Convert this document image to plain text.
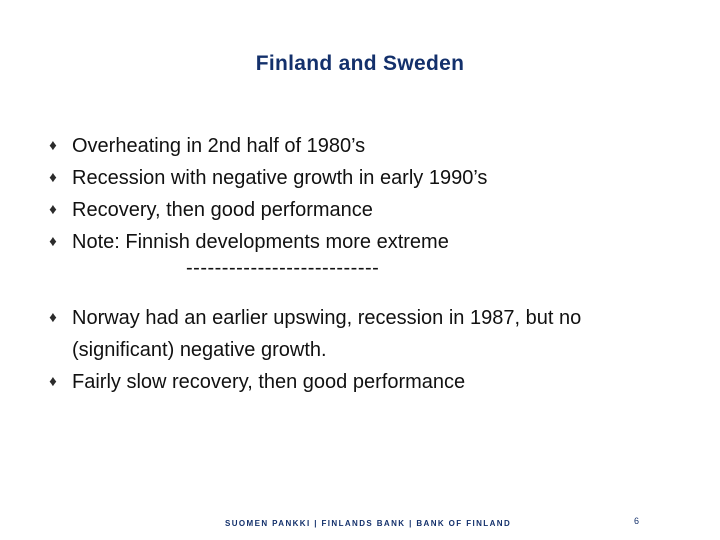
Finland and Sweden
♦ Overheating in 2nd half of 1980’s
♦ Recession with negative growth in early 1990’s
♦ Recovery, then good performance
♦ Note: Finnish developments more extreme
---------------------------
♦ Norway had an earlier upswing, recession in 1987, but no (significant) negative growth.
♦ Fairly slow recovery, then good performance
SUOMEN PANKKI | FINLANDS BANK | BANK OF FINLAND	6
